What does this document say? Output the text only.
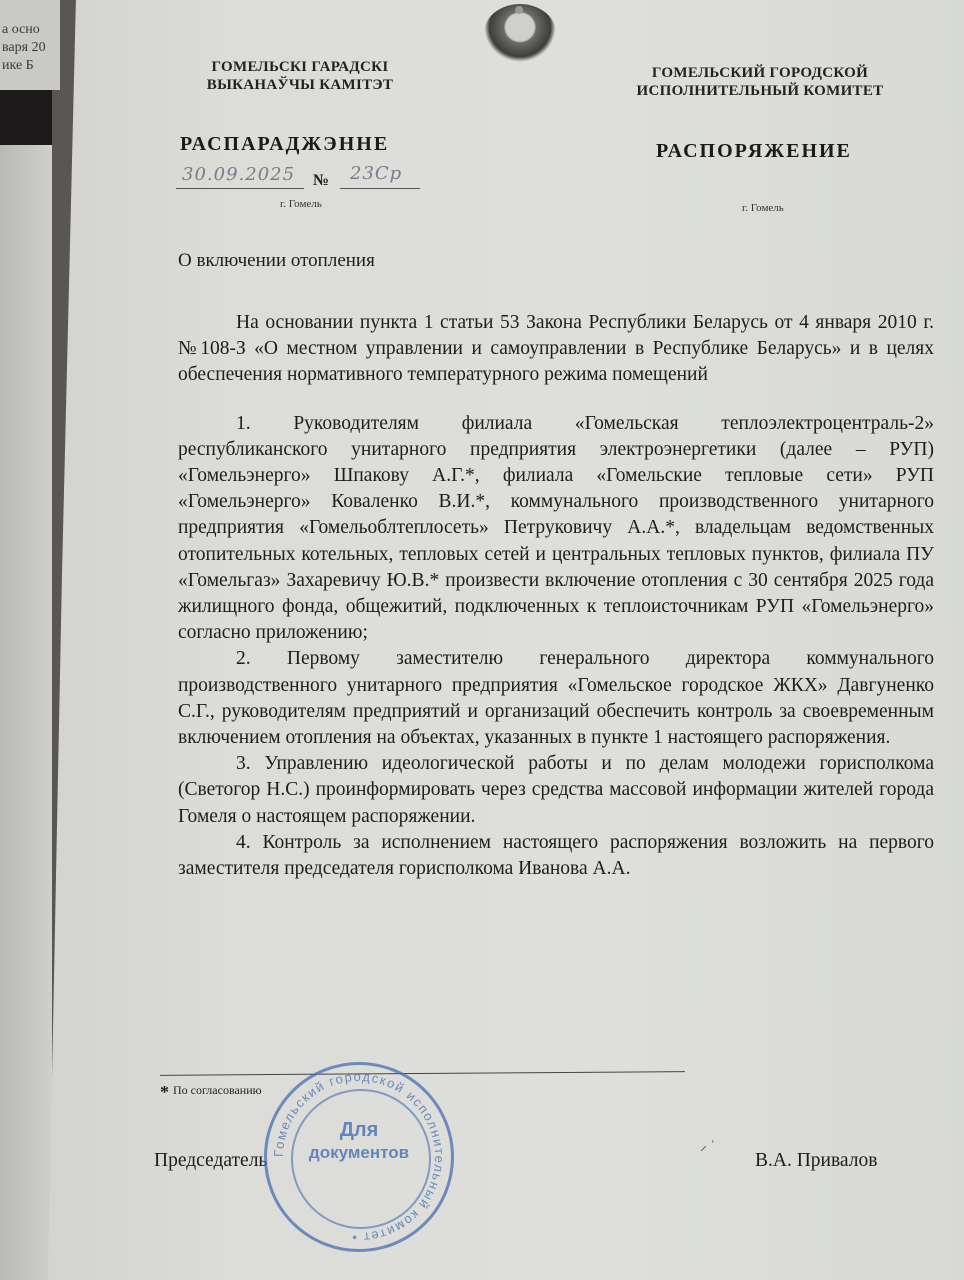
а осно
варя 20
ике Б	ГОМЕЛЬСКІ ГАРАДСКІ
ВЫКАНАЎЧЫ КАМІТЭТ
ГОМЕЛЬСКИЙ ГОРОДСКОЙ
ИСПОЛНИТЕЛЬНЫЙ КОМИТЕТ
РАСПАРАДЖЭННЕ	РАСПОРЯЖЕНИЕ
30.09.2025 № 23Ср
г. Гомель	г. Гомель
О включении отопления

На основании пункта 1 статьи 53 Закона Республики Беларусь от 4 января 2010 г. №108-З «О местном управлении и самоуправлении в Республике Беларусь» и в целях обеспечения нормативного температурного режима помещений

1. Руководителям филиала «Гомельская теплоэлектроцентраль-2» республиканского унитарного предприятия электроэнергетики (далее – РУП) «Гомельэнерго» Шпакову А.Г.*, филиала «Гомельские тепловые сети» РУП «Гомельэнерго» Коваленко В.И.*, коммунального производственного унитарного предприятия «Гомельоблтеплосеть» Петруковичу А.А.*, владельцам ведомственных отопительных котельных, тепловых сетей и центральных тепловых пунктов, филиала ПУ «Гомельгаз» Захаревичу Ю.В.* произвести включение отопления с 30 сентября 2025 года жилищного фонда, общежитий, подключенных к теплоисточникам РУП «Гомельэнерго» согласно приложению;

2. Первому заместителю генерального директора коммунального производственного унитарного предприятия «Гомельское городское ЖКХ» Давгуненко С.Г., руководителям предприятий и организаций обеспечить контроль за своевременным включением отопления на объектах, указанных в пункте 1 настоящего распоряжения.

3. Управлению идеологической работы и по делам молодежи горисполкома (Светогор Н.С.) проинформировать через средства массовой информации жителей города Гомеля о настоящем распоряжении.

4. Контроль за исполнением настоящего распоряжения возложить на первого заместителя председателя горисполкома Иванова А.А.

* По согласованию
Председатель
⸝ ˈ
В.А. Привалов
Гомельский городской исполнительный комитет •
Для
документов
